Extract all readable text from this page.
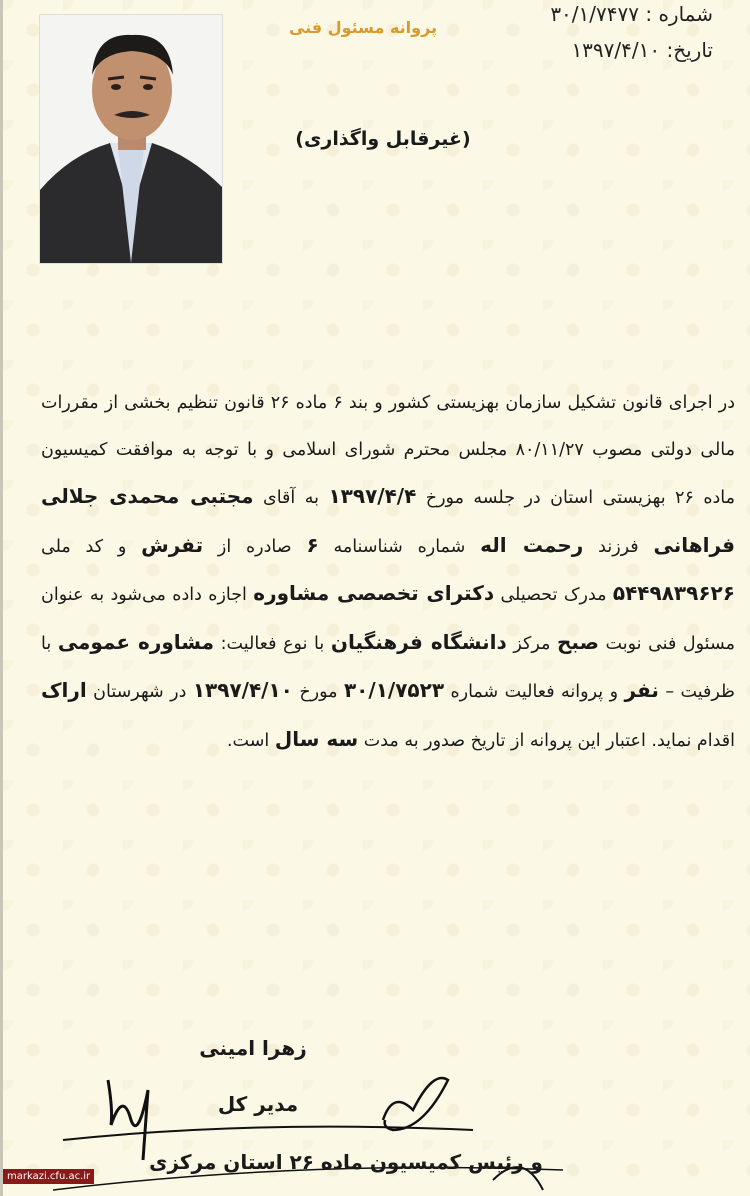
پروانه مسئول فنی
شماره : ۳۰/۱/۷۴۷۷
تاریخ: ۱۳۹۷/۴/۱۰
(غیرقابل واگذاری)
در اجرای قانون تشکیل سازمان بهزیستی کشور و بند ۶ ماده ۲۶ قانون تنظیم بخشی از مقررات مالی دولتی مصوب ۸۰/۱۱/۲۷ مجلس محترم شورای اسلامی و با توجه به موافقت کمیسیون ماده ۲۶ بهزیستی استان در جلسه مورخ ۱۳۹۷/۴/۴ به آقای مجتبی محمدی جلالی فراهانی فرزند رحمت اله شماره شناسنامه ۶ صادره از تفرش و کد ملی ۵۴۴۹۸۳۹۶۲۶ مدرک تحصیلی دکترای تخصصی مشاوره اجازه داده می‌شود به عنوان مسئول فنی نوبت صبح مرکز دانشگاه فرهنگیان با نوع فعالیت: مشاوره عمومی با ظرفیت – نفر و پروانه فعالیت شماره ۳۰/۱/۷۵۲۳ مورخ ۱۳۹۷/۴/۱۰ در شهرستان اراک اقدام نماید. اعتبار این پروانه از تاریخ صدور به مدت سه سال است.
زهرا امینی
مدیر کل
و رئیس کمیسیون ماده ۲۶ استان مرکزی
markazi.cfu.ac.ir
